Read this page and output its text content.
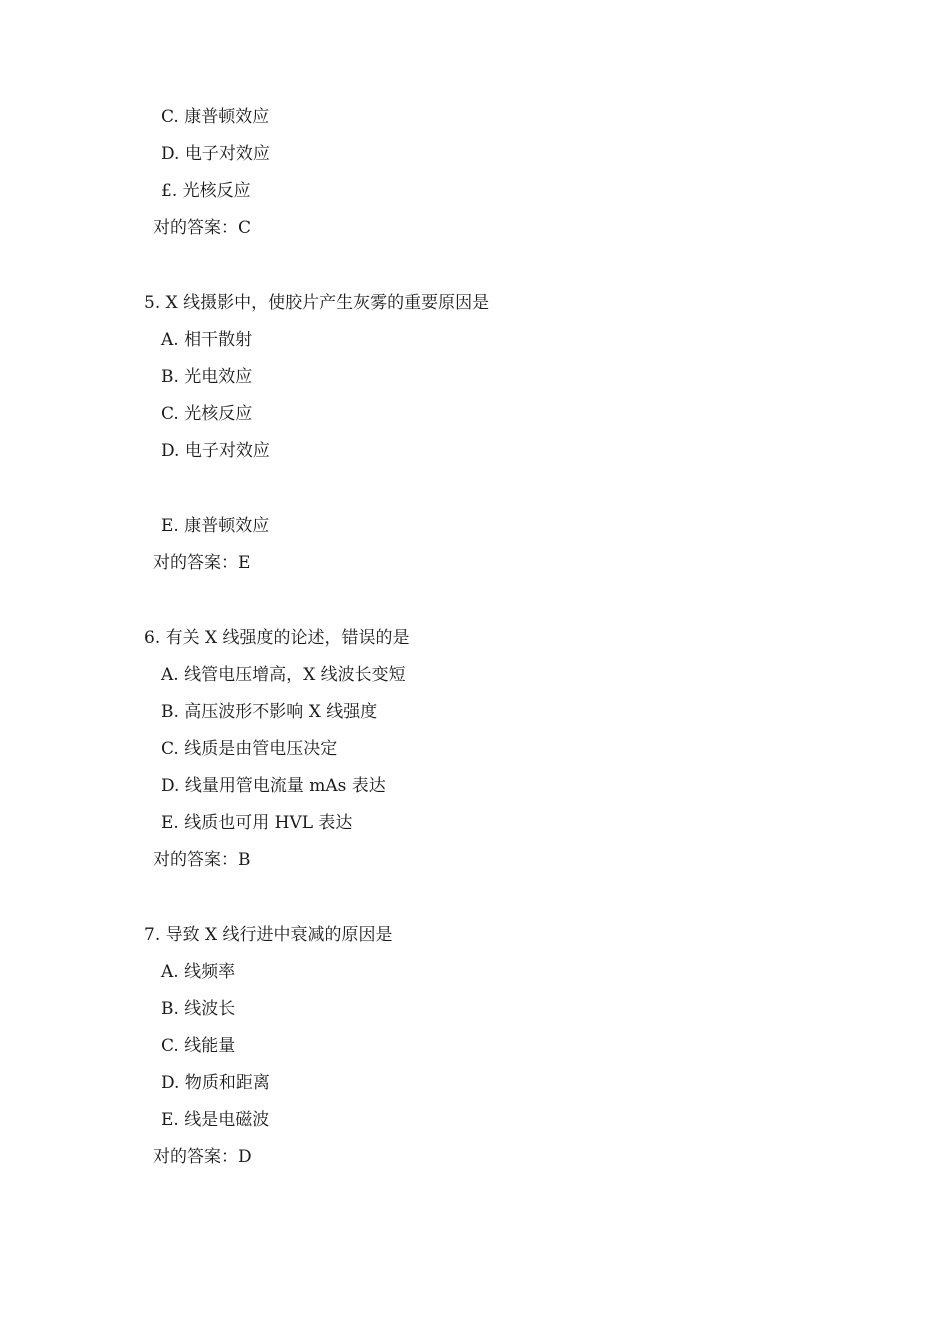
C. 康普顿效应
D. 电子对效应
£. 光核反应
对的答案：C
5. X 线摄影中，使胶片产生灰雾的重要原因是
A. 相干散射
B. 光电效应
C. 光核反应
D. 电子对效应
E. 康普顿效应
对的答案：E
6. 有关 X 线强度的论述，错误的是
A. 线管电压增高，X 线波长变短
B. 高压波形不影响 X 线强度
C. 线质是由管电压决定
D. 线量用管电流量 mAs 表达
E. 线质也可用 HVL 表达
对的答案：B
7. 导致 X 线行进中衰减的原因是
A. 线频率
B. 线波长
C. 线能量
D. 物质和距离
E. 线是电磁波
对的答案：D
